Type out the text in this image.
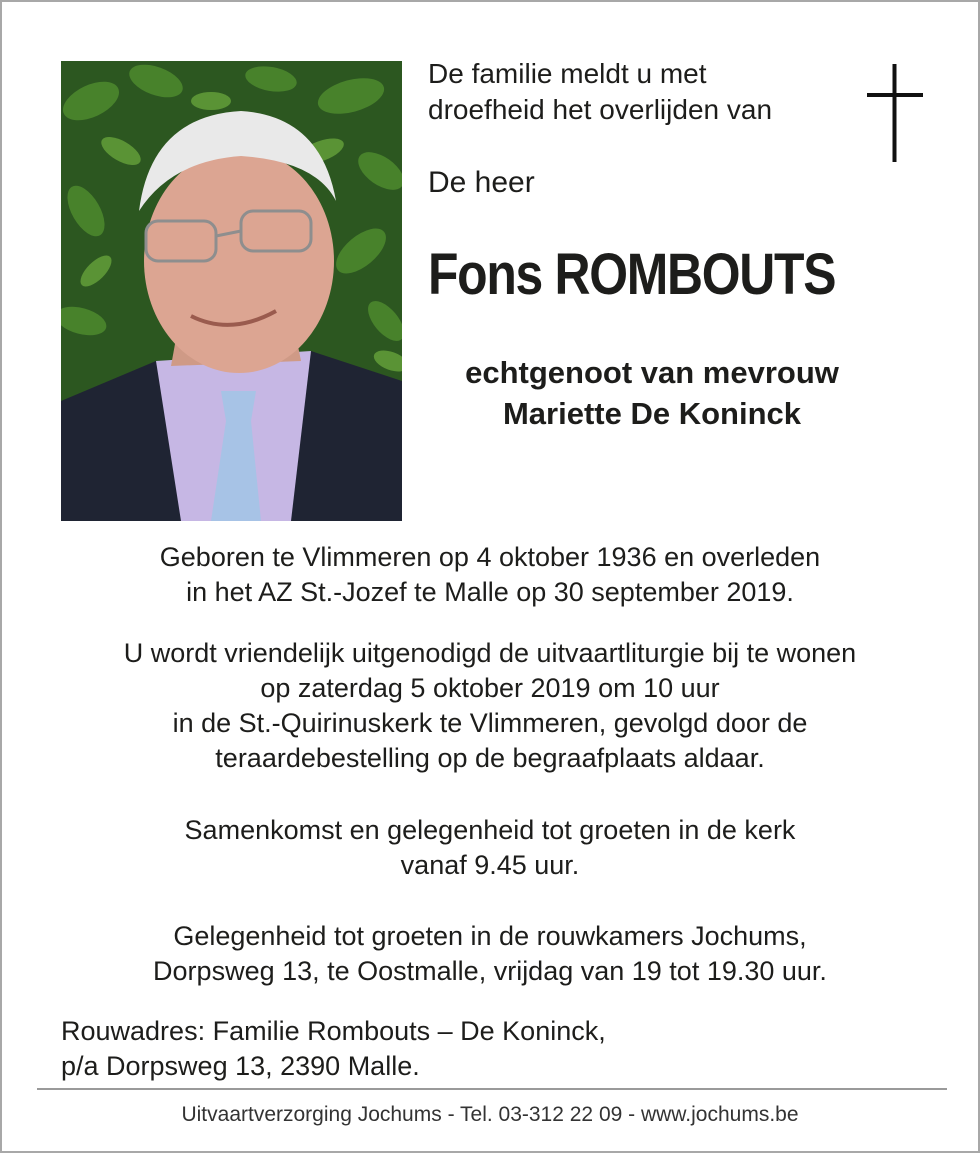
De familie meldt u met
droefheid het overlijden van
De heer
Fons ROMBOUTS
echtgenoot van mevrouw
Mariette De Koninck
Geboren te Vlimmeren op 4 oktober 1936 en overleden
in het AZ St.-Jozef te Malle op 30 september 2019.
U wordt vriendelijk uitgenodigd de uitvaartliturgie bij te wonen
op zaterdag 5 oktober 2019 om 10 uur
in de St.-Quirinuskerk te Vlimmeren, gevolgd door de
teraardebestelling op de begraafplaats aldaar.
Samenkomst en gelegenheid tot groeten in de kerk
vanaf 9.45 uur.
Gelegenheid tot groeten in de rouwkamers Jochums,
Dorpsweg 13, te Oostmalle, vrijdag van 19 tot 19.30 uur.
Rouwadres: Familie Rombouts – De Koninck,
p/a Dorpsweg 13, 2390 Malle.
Uitvaartverzorging Jochums - Tel. 03-312 22 09 - www.jochums.be
